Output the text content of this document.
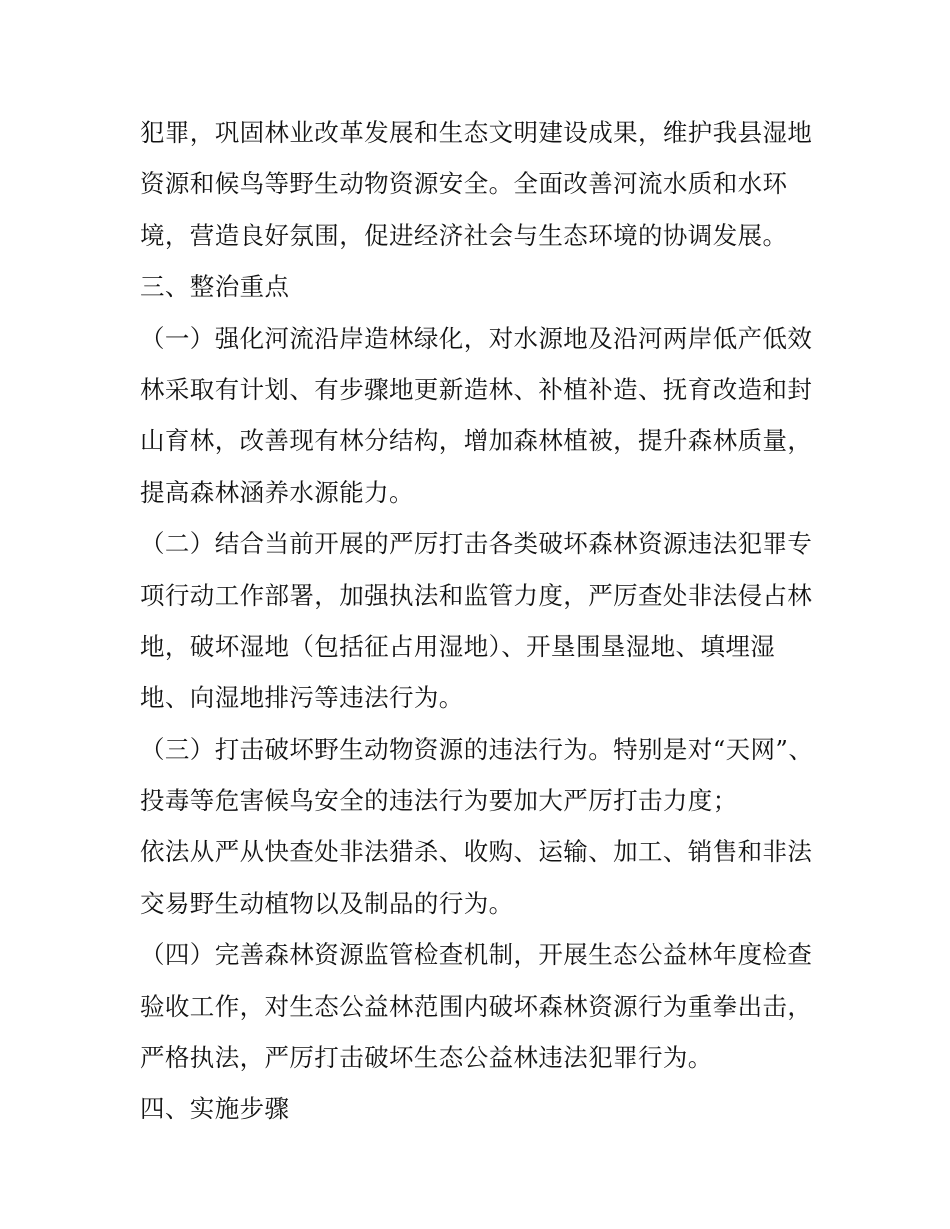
犯罪，巩固林业改革发展和生态文明建设成果，维护我县湿地
资源和候鸟等野生动物资源安全。全面改善河流水质和水环
境，营造良好氛围，促进经济社会与生态环境的协调发展。
三、整治重点
（一）强化河流沿岸造林绿化，对水源地及沿河两岸低产低效
林采取有计划、有步骤地更新造林、补植补造、抚育改造和封
山育林，改善现有林分结构，增加森林植被，提升森林质量，
提高森林涵养水源能力。
（二）结合当前开展的严厉打击各类破坏森林资源违法犯罪专
项行动工作部署，加强执法和监管力度，严厉查处非法侵占林
地，破坏湿地（包括征占用湿地）、开垦围垦湿地、填埋湿
地、向湿地排污等违法行为。
（三）打击破坏野生动物资源的违法行为。特别是对“天网”、
投毒等危害候鸟安全的违法行为要加大严厉打击力度；
依法从严从快查处非法猎杀、收购、运输、加工、销售和非法
交易野生动植物以及制品的行为。
（四）完善森林资源监管检查机制，开展生态公益林年度检查
验收工作，对生态公益林范围内破坏森林资源行为重拳出击，
严格执法，严厉打击破坏生态公益林违法犯罪行为。
四、实施步骤
